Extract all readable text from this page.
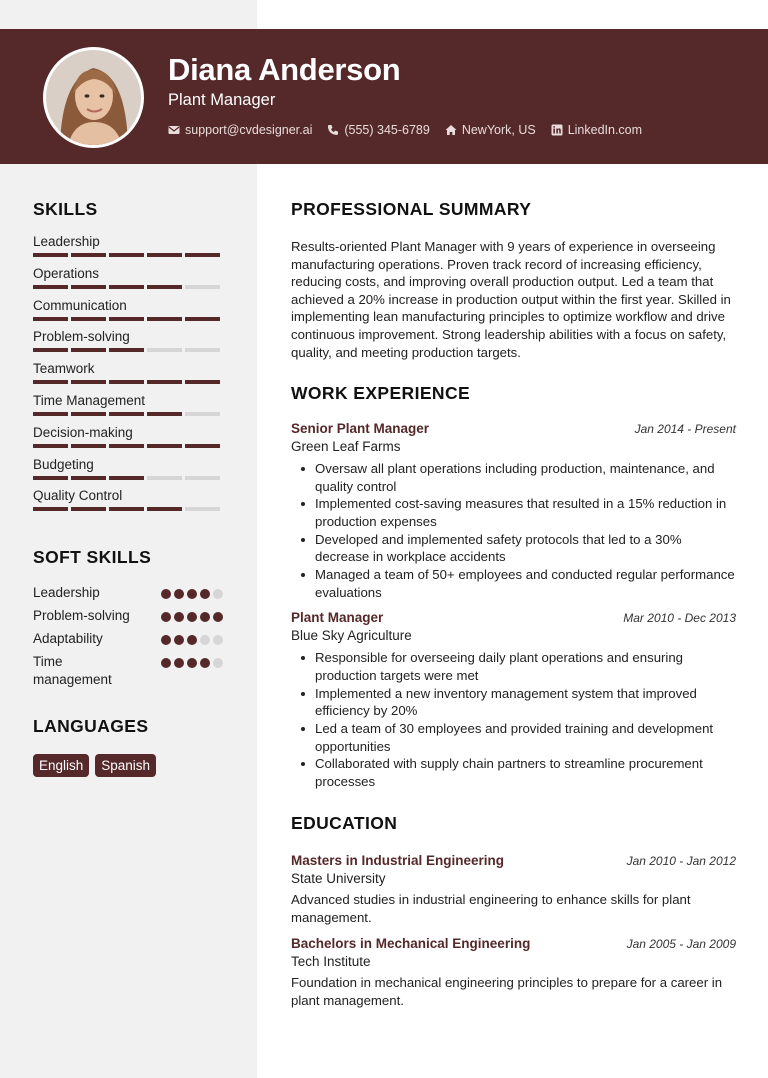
Diana Anderson
Plant Manager
support@cvdesigner.ai	(555) 345-6789	NewYork, US	LinkedIn.com
SKILLS
Leadership
Operations
Communication
Problem-solving
Teamwork
Time Management
Decision-making
Budgeting
Quality Control
SOFT SKILLS
Leadership
Problem-solving
Adaptability
Time management
LANGUAGES
English	Spanish
PROFESSIONAL SUMMARY

Results-oriented Plant Manager with 9 years of experience in overseeing manufacturing operations. Proven track record of increasing efficiency, reducing costs, and improving overall production output. Led a team that achieved a 20% increase in production output within the first year. Skilled in implementing lean manufacturing principles to optimize workflow and drive continuous improvement. Strong leadership abilities with a focus on safety, quality, and meeting production targets.

WORK EXPERIENCE
Senior Plant Manager	Jan 2014 - Present
Green Leaf Farms
Oversaw all plant operations including production, maintenance, and quality control
Implemented cost-saving measures that resulted in a 15% reduction in production expenses
Developed and implemented safety protocols that led to a 30% decrease in workplace accidents
Managed a team of 50+ employees and conducted regular performance evaluations
Plant Manager	Mar 2010 - Dec 2013
Blue Sky Agriculture
Responsible for overseeing daily plant operations and ensuring production targets were met
Implemented a new inventory management system that improved efficiency by 20%
Led a team of 30 employees and provided training and development opportunities
Collaborated with supply chain partners to streamline procurement processes
EDUCATION
Masters in Industrial Engineering	Jan 2010 - Jan 2012
State University

Advanced studies in industrial engineering to enhance skills for plant management.

Bachelors in Mechanical Engineering	Jan 2005 - Jan 2009
Tech Institute

Foundation in mechanical engineering principles to prepare for a career in plant management.
